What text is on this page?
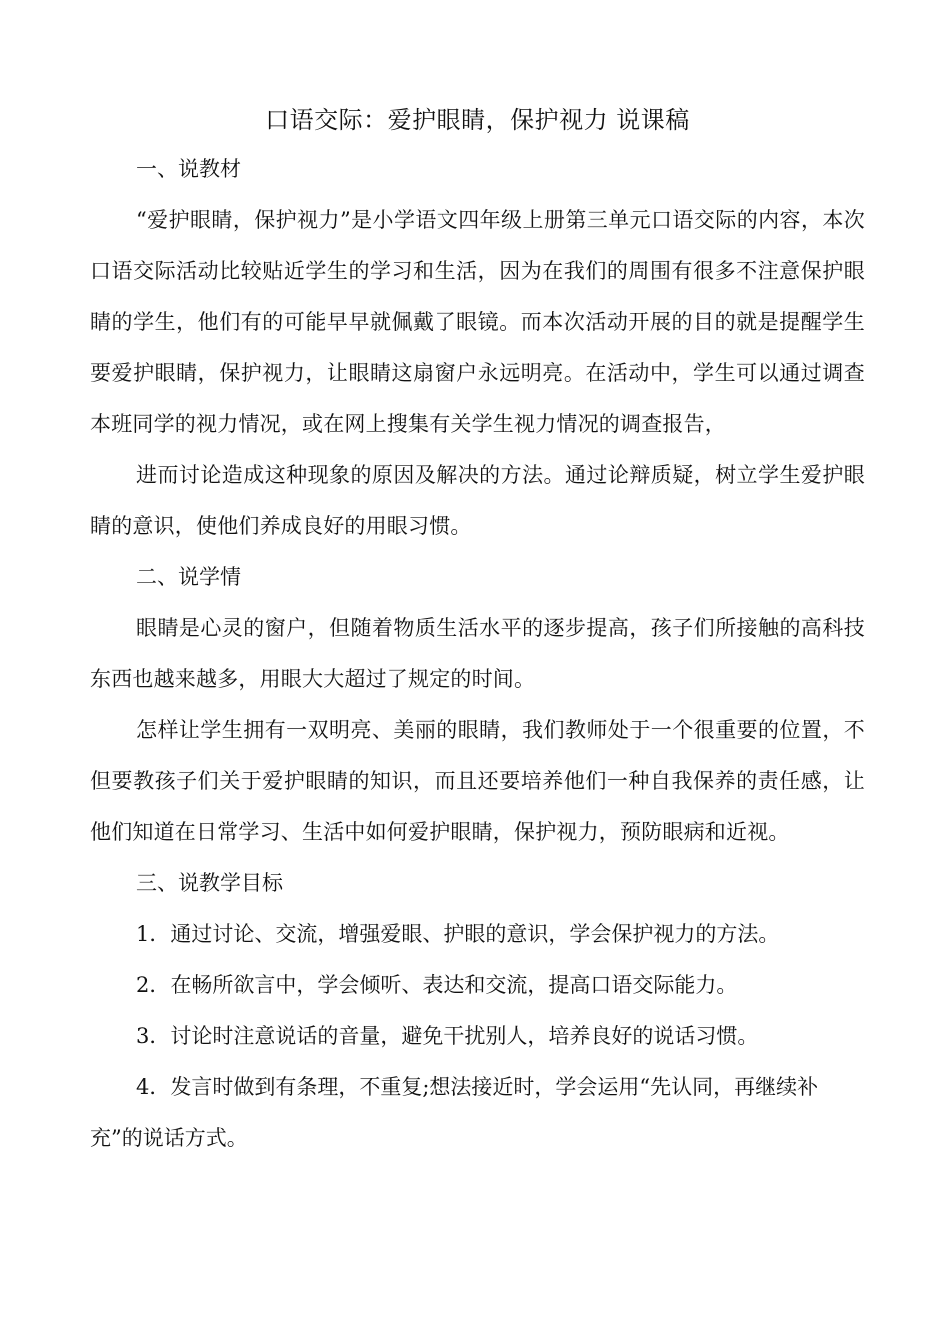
口语交际：爱护眼睛，保护视力 说课稿

一、说教材

“爱护眼睛，保护视力”是小学语文四年级上册第三单元口语交际的内容，本次口语交际活动比较贴近学生的学习和生活，因为在我们的周围有很多不注意保护眼睛的学生，他们有的可能早早就佩戴了眼镜。而本次活动开展的目的就是提醒学生要爱护眼睛，保护视力，让眼睛这扇窗户永远明亮。在活动中，学生可以通过调查本班同学的视力情况，或在网上搜集有关学生视力情况的调查报告，

进而讨论造成这种现象的原因及解决的方法。通过论辩质疑，树立学生爱护眼睛的意识，使他们养成良好的用眼习惯。

二、说学情

眼睛是心灵的窗户，但随着物质生活水平的逐步提高，孩子们所接触的高科技东西也越来越多，用眼大大超过了规定的时间。

怎样让学生拥有一双明亮、美丽的眼睛，我们教师处于一个很重要的位置，不但要教孩子们关于爱护眼睛的知识，而且还要培养他们一种自我保养的责任感，让他们知道在日常学习、生活中如何爱护眼睛，保护视力，预防眼病和近视。

三、说教学目标

1．通过讨论、交流，增强爱眼、护眼的意识，学会保护视力的方法。

2．在畅所欲言中，学会倾听、表达和交流，提高口语交际能力。

3．讨论时注意说话的音量，避免干扰别人，培养良好的说话习惯。

4．发言时做到有条理，不重复;想法接近时，学会运用“先认同，再继续补充”的说话方式。
